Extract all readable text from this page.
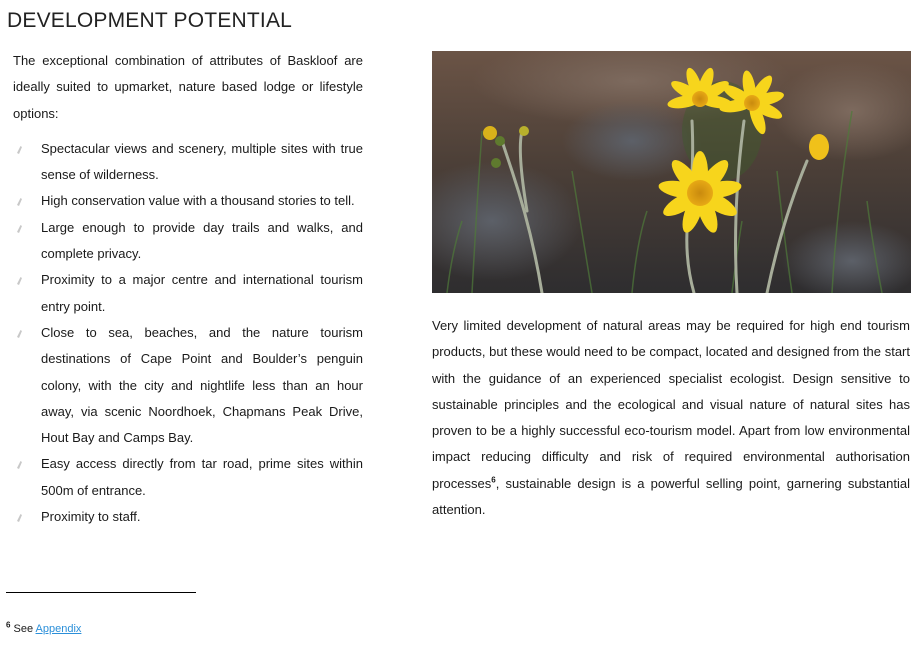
DEVELOPMENT POTENTIAL

The exceptional combination of attributes of Baskloof are ideally suited to upmarket, nature based lodge or lifestyle options:

Spectacular views and scenery, multiple sites with true sense of wilderness.
High conservation value with a thousand stories to tell.
Large enough to provide day trails and walks, and complete privacy.
Proximity to a major centre and international tourism entry point.
Close to sea, beaches, and the nature tourism destinations of Cape Point and Boulder’s penguin colony, with the city and nightlife less than an hour away, via scenic Noordhoek, Chapmans Peak Drive, Hout Bay and Camps Bay.
Easy access directly from tar road, prime sites within 500m of entrance.
Proximity to staff.

Very limited development of natural areas may be required for high end tourism products, but these would need to be compact, located and designed from the start with the guidance of an experienced specialist ecologist. Design sensitive to sustainable principles and the ecological and visual nature of natural sites has proven to be a highly successful eco-tourism model. Apart from low environmental impact reducing difficulty and risk of required environmental authorisation processes$^6$, sustainable design is a powerful selling point, garnering substantial attention.

$^6$ See Appendix
